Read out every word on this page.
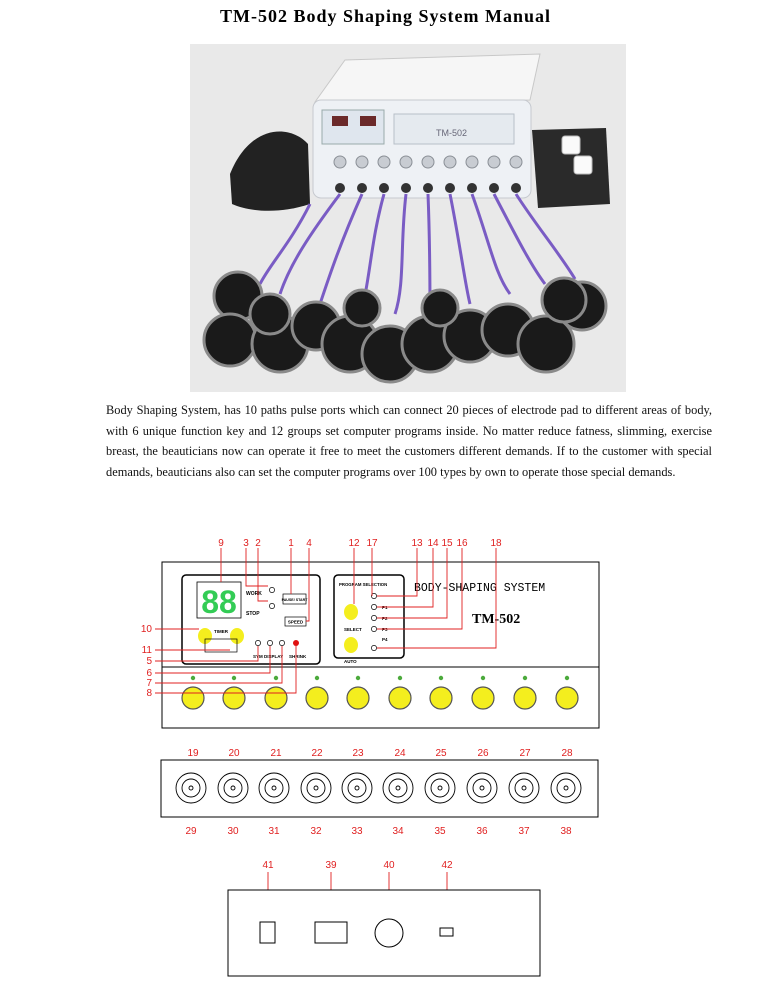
TM-502 Body Shaping System Manual
TM-502
Body Shaping System, has 10 paths pulse ports which can connect 20 pieces of electrode pad to different areas of body, with 6 unique function key and 12 groups set computer programs inside. No matter reduce fatness, slimming, exercise breast, the beauticians now can operate it free to meet the customers different demands. If to the customer with special demands, beauticians also can set the computer programs over 100 types by own to operate those special demands.
88 WORK
STOP
PAUSE/ START
SPEED
TIMER
SYM DISPLAY SHRINK
PROGRAM SELECTION
SELECT
AUTO
P1
P2
P3
P4
BODY-SHAPING SYSTEM
TM-502
9 3 2	1 4	12 17	13 14 15 16 18
10
11
5
6
7
8
19	20	21	22	23	24	25	26	27	28
29	30	31	32	33	34	35	36	37	38
41	39	40	42
